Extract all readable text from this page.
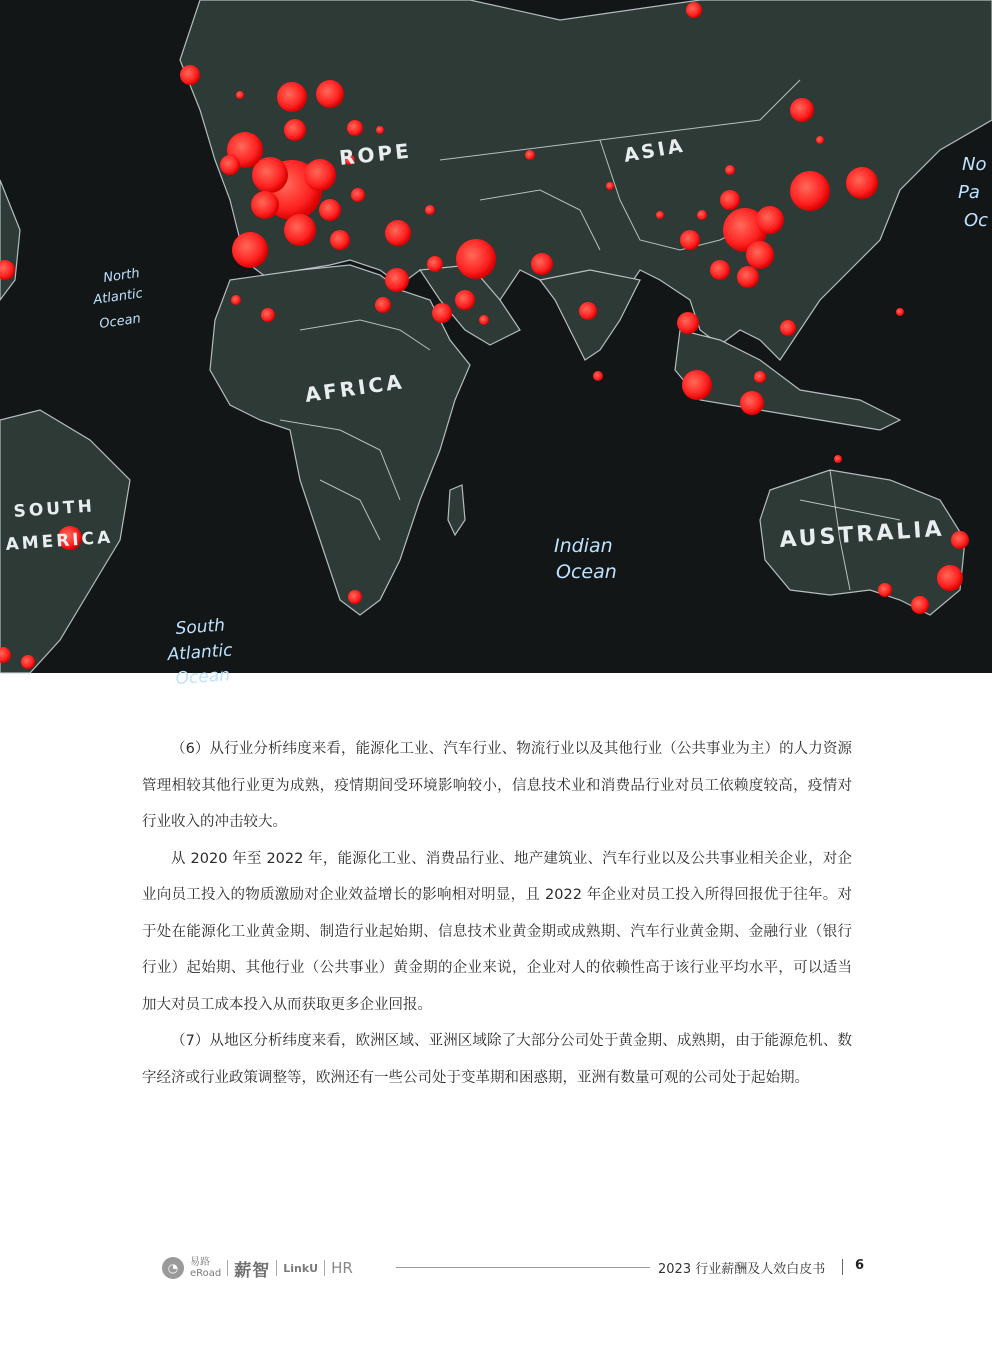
ROPE	ASIA
AFRICA
SOUTH
AMERICA	AUSTRALIA
Indian
Ocean
North
Atlantic
Ocean
South
Atlantic
Ocean
No
Pa
Oc

（6）从行业分析纬度来看，能源化工业、汽车行业、物流行业以及其他行业（公共事业为主）的人力资源管理相较其他行业更为成熟，疫情期间受环境影响较小，信息技术业和消费品行业对员工依赖度较高，疫情对行业收入的冲击较大。

从 2020 年至 2022 年，能源化工业、消费品行业、地产建筑业、汽车行业以及公共事业相关企业，对企业向员工投入的物质激励对企业效益增长的影响相对明显，且 2022 年企业对员工投入所得回报优于往年。对于处在能源化工业黄金期、制造行业起始期、信息技术业黄金期或成熟期、汽车行业黄金期、金融行业（银行行业）起始期、其他行业（公共事业）黄金期的企业来说，企业对人的依赖性高于该行业平均水平，可以适当加大对员工成本投入从而获取更多企业回报。

（7）从地区分析纬度来看，欧洲区域、亚洲区域除了大部分公司处于黄金期、成熟期，由于能源危机、数字经济或行业政策调整等，欧洲还有一些公司处于变革期和困惑期，亚洲有数量可观的公司处于起始期。

◔	易路
eRoad 薪智 LinkU HR	2023 行业薪酬及人效白皮书 6
